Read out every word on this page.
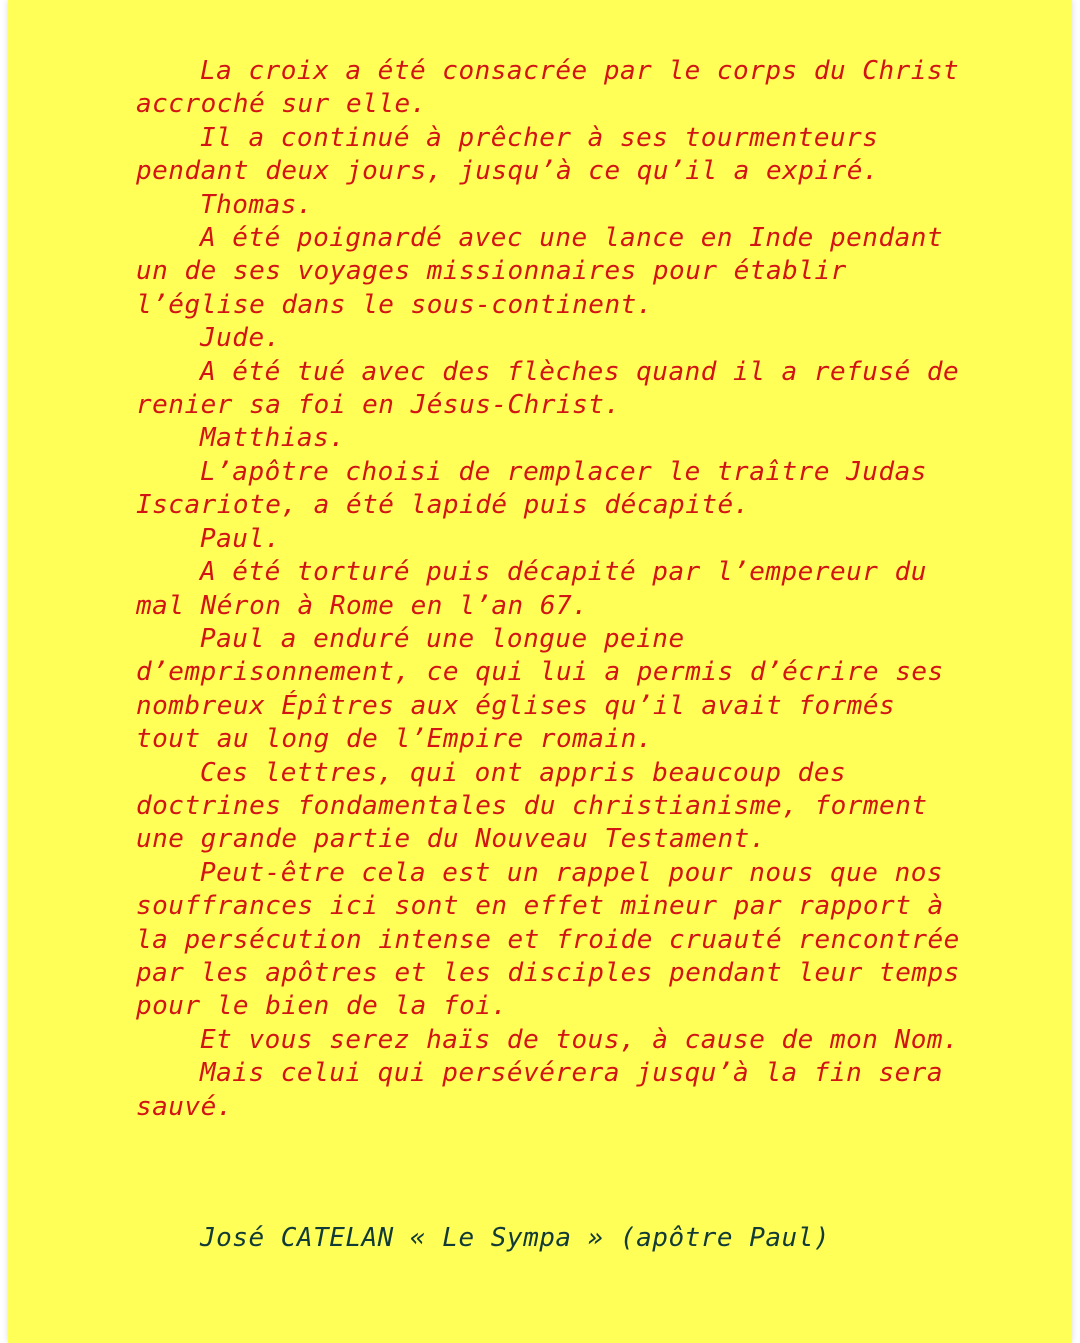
La croix a été consacrée par le corps du Christ accroché sur elle.

Il a continué à prêcher à ses tourmenteurs pendant deux jours, jusqu’à ce qu’il a expiré.

Thomas.

A été poignardé avec une lance en Inde pendant un de ses voyages missionnaires pour établir l’église dans le sous-continent.

Jude.

A été tué avec des flèches quand il a refusé de renier sa foi en Jésus-Christ.

Matthias.

L’apôtre choisi de remplacer le traître Judas Iscariote, a été lapidé puis décapité.

Paul.

A été torturé puis décapité par l’empereur du mal Néron à Rome en l’an 67.

Paul a enduré une longue peine d’emprisonnement, ce qui lui a permis d’écrire ses nombreux Épîtres aux églises qu’il avait formés tout au long de l’Empire romain.

Ces lettres, qui ont appris beaucoup des doctrines fondamentales du christianisme, forment une grande partie du Nouveau Testament.

Peut-être cela est un rappel pour nous que nos souffrances ici sont en effet mineur par rapport à la persécution intense et froide cruauté rencontrée par les apôtres et les disciples pendant leur temps pour le bien de la foi.

Et vous serez haïs de tous, à cause de mon Nom.

Mais celui qui persévérera jusqu’à la fin sera sauvé.

José CATELAN « Le Sympa » (apôtre Paul)
